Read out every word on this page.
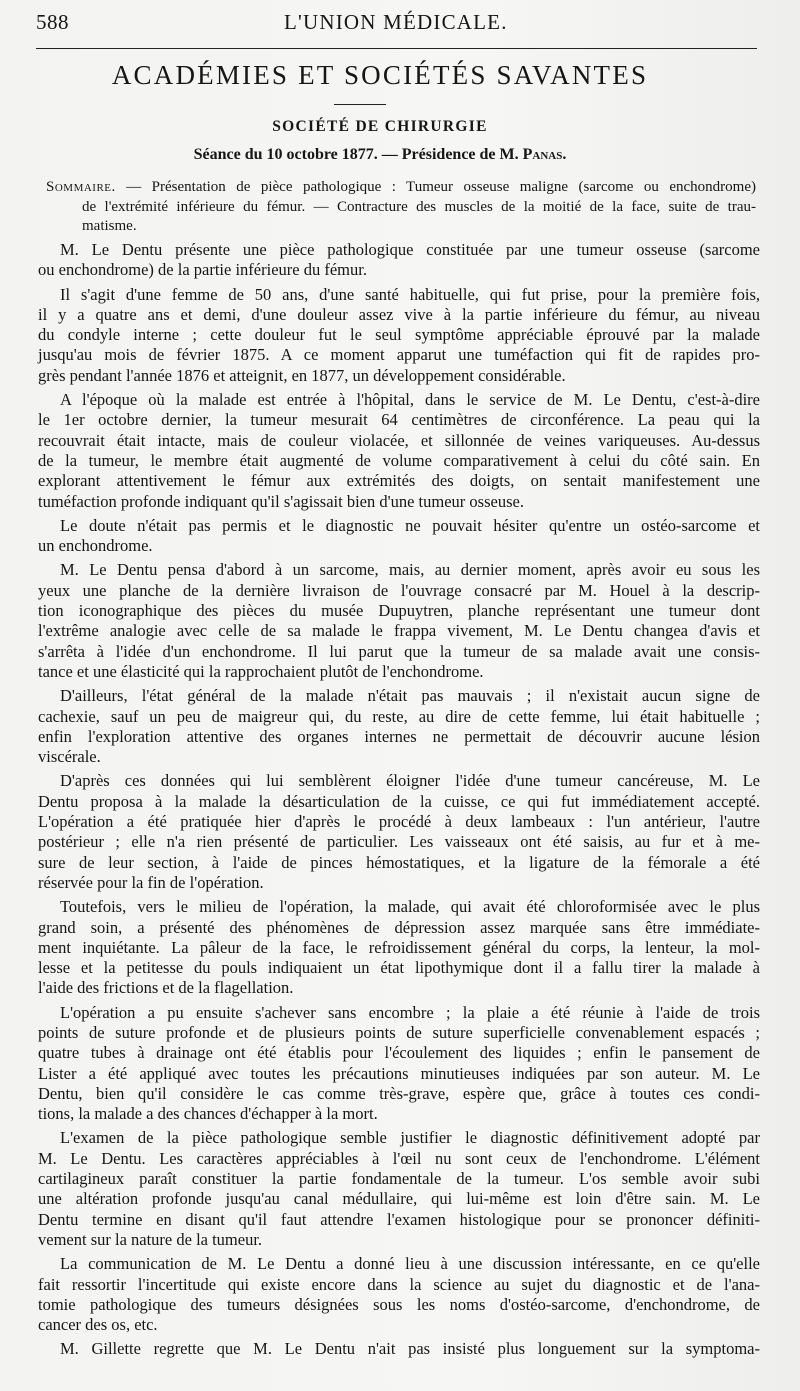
588	L'UNION MÉDICALE.
ACADÉMIES ET SOCIÉTÉS SAVANTES
SOCIÉTÉ DE CHIRURGIE
Séance du 10 octobre 1877. — Présidence de M. Panas.
Sommaire. — Présentation de pièce pathologique : Tumeur osseuse maligne (sarcome ou enchondrome)
de l'extrémité inférieure du fémur. — Contracture des muscles de la moitié de la face, suite de trau-
matisme.
M. Le Dentu présente une pièce pathologique constituée par une tumeur osseuse (sarcome
ou enchondrome) de la partie inférieure du fémur.
Il s'agit d'une femme de 50 ans, d'une santé habituelle, qui fut prise, pour la première fois,
il y a quatre ans et demi, d'une douleur assez vive à la partie inférieure du fémur, au niveau
du condyle interne ; cette douleur fut le seul symptôme appréciable éprouvé par la malade
jusqu'au mois de février 1875. A ce moment apparut une tuméfaction qui fit de rapides pro-
grès pendant l'année 1876 et atteignit, en 1877, un développement considérable.
A l'époque où la malade est entrée à l'hôpital, dans le service de M. Le Dentu, c'est-à-dire
le 1er octobre dernier, la tumeur mesurait 64 centimètres de circonférence. La peau qui la
recouvrait était intacte, mais de couleur violacée, et sillonnée de veines variqueuses. Au-dessus
de la tumeur, le membre était augmenté de volume comparativement à celui du côté sain. En
explorant attentivement le fémur aux extrémités des doigts, on sentait manifestement une
tuméfaction profonde indiquant qu'il s'agissait bien d'une tumeur osseuse.
Le doute n'était pas permis et le diagnostic ne pouvait hésiter qu'entre un ostéo-sarcome et
un enchondrome.
M. Le Dentu pensa d'abord à un sarcome, mais, au dernier moment, après avoir eu sous les
yeux une planche de la dernière livraison de l'ouvrage consacré par M. Houel à la descrip-
tion iconographique des pièces du musée Dupuytren, planche représentant une tumeur dont
l'extrême analogie avec celle de sa malade le frappa vivement, M. Le Dentu changea d'avis et
s'arrêta à l'idée d'un enchondrome. Il lui parut que la tumeur de sa malade avait une consis-
tance et une élasticité qui la rapprochaient plutôt de l'enchondrome.
D'ailleurs, l'état général de la malade n'était pas mauvais ; il n'existait aucun signe de
cachexie, sauf un peu de maigreur qui, du reste, au dire de cette femme, lui était habituelle ;
enfin l'exploration attentive des organes internes ne permettait de découvrir aucune lésion
viscérale.
D'après ces données qui lui semblèrent éloigner l'idée d'une tumeur cancéreuse, M. Le
Dentu proposa à la malade la désarticulation de la cuisse, ce qui fut immédiatement accepté.
L'opération a été pratiquée hier d'après le procédé à deux lambeaux : l'un antérieur, l'autre
postérieur ; elle n'a rien présenté de particulier. Les vaisseaux ont été saisis, au fur et à me-
sure de leur section, à l'aide de pinces hémostatiques, et la ligature de la fémorale a été
réservée pour la fin de l'opération.
Toutefois, vers le milieu de l'opération, la malade, qui avait été chloroformisée avec le plus
grand soin, a présenté des phénomènes de dépression assez marquée sans être immédiate-
ment inquiétante. La pâleur de la face, le refroidissement général du corps, la lenteur, la mol-
lesse et la petitesse du pouls indiquaient un état lipothymique dont il a fallu tirer la malade à
l'aide des frictions et de la flagellation.
L'opération a pu ensuite s'achever sans encombre ; la plaie a été réunie à l'aide de trois
points de suture profonde et de plusieurs points de suture superficielle convenablement espacés ;
quatre tubes à drainage ont été établis pour l'écoulement des liquides ; enfin le pansement de
Lister a été appliqué avec toutes les précautions minutieuses indiquées par son auteur. M. Le
Dentu, bien qu'il considère le cas comme très-grave, espère que, grâce à toutes ces condi-
tions, la malade a des chances d'échapper à la mort.
L'examen de la pièce pathologique semble justifier le diagnostic définitivement adopté par
M. Le Dentu. Les caractères appréciables à l'œil nu sont ceux de l'enchondrome. L'élément
cartilagineux paraît constituer la partie fondamentale de la tumeur. L'os semble avoir subi
une altération profonde jusqu'au canal médullaire, qui lui-même est loin d'être sain. M. Le
Dentu termine en disant qu'il faut attendre l'examen histologique pour se prononcer définiti-
vement sur la nature de la tumeur.
La communication de M. Le Dentu a donné lieu à une discussion intéressante, en ce qu'elle
fait ressortir l'incertitude qui existe encore dans la science au sujet du diagnostic et de l'ana-
tomie pathologique des tumeurs désignées sous les noms d'ostéo-sarcome, d'enchondrome, de
cancer des os, etc.
M. Gillette regrette que M. Le Dentu n'ait pas insisté plus longuement sur la symptoma-
